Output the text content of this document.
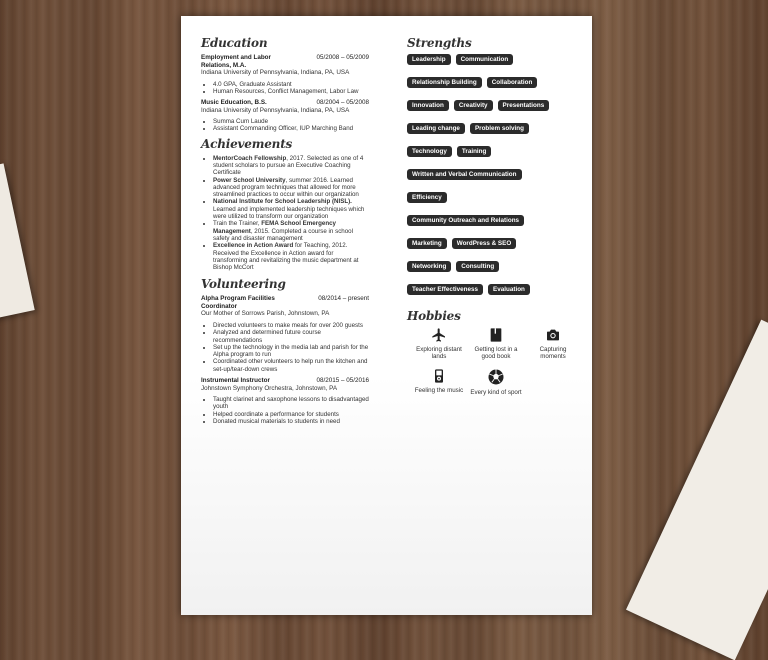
Education
Employment and Labor Relations, M.A.
05/2008 – 05/2009
Indiana University of Pennsylvania, Indiana, PA, USA
• 4.0 GPA, Graduate Assistant
• Human Resources, Conflict Management, Labor Law
Music Education, B.S.	08/2004 – 05/2008
Indiana University of Pennsylvania, Indiana, PA, USA
• Summa Cum Laude
• Assistant Commanding Officer, IUP Marching Band
Achievements
• MentorCoach Fellowship, 2017. Selected as one of 4 student scholars to pursue an Executive Coaching Certificate
• Power School University, summer 2016. Learned advanced program techniques that allowed for more streamlined practices to occur within our organization
• National Institute for School Leadership (NISL). Learned and implemented leadership techniques which were utilized to transform our organization
• Train the Trainer, FEMA School Emergency Management, 2015. Completed a course in school safety and disaster management
• Excellence in Action Award for Teaching, 2012. Received the Excellence in Action award for transforming and revitalizing the music department at Bishop McCort
Volunteering
Alpha Program Facilities Coordinator
08/2014 – present
Our Mother of Sorrows Parish, Johnstown, PA
• Directed volunteers to make meals for over 200 guests
• Analyzed and determined future course recommendations
• Set up the technology in the media lab and parish for the Alpha program to run
• Coordinated other volunteers to help run the kitchen and set-up/tear-down crews
Instrumental Instructor	08/2015 – 05/2016
Johnstown Symphony Orchestra, Johnstown, PA
• Taught clarinet and saxophone lessons to disadvantaged youth
• Helped coordinate a performance for students
• Donated musical materials to students in need
Strengths
Leadership	Communication
Relationship Building	Collaboration
Innovation	Creativity	Presentations
Leading change	Problem solving
Technology	Training
Written and Verbal Communication
Efficiency
Community Outreach and Relations
Marketing	WordPress & SEO
Networking	Consulting
Teacher Effectiveness	Evaluation
Hobbies
Exploring distant lands
Getting lost in a good book
Capturing moments
Feeling the music Every kind of sport
